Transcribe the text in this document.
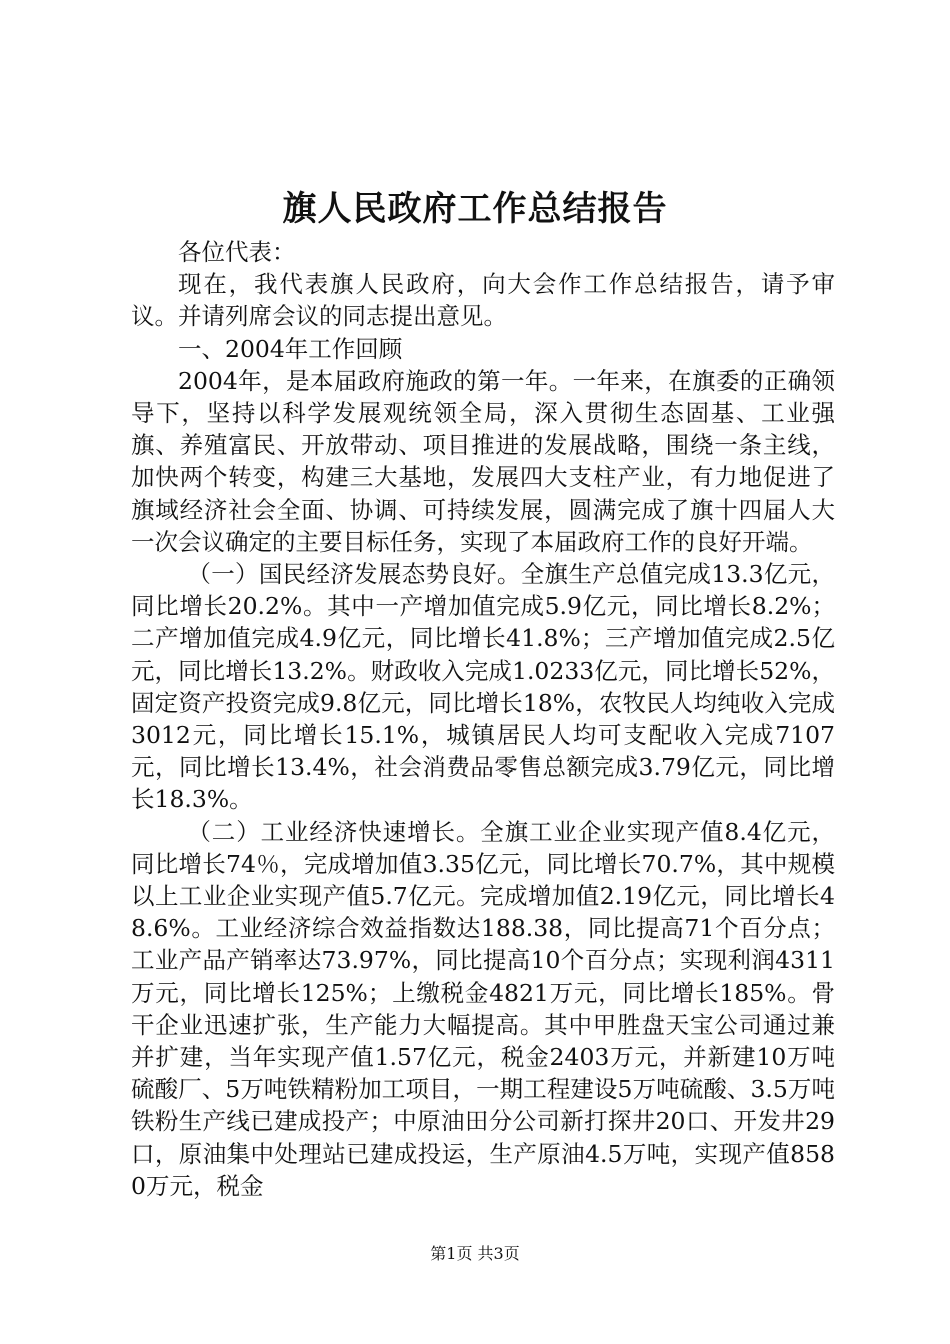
旗人民政府工作总结报告

各位代表：

现在，我代表旗人民政府，向大会作工作总结报告，请予审议。并请列席会议的同志提出意见。

一、2004年工作回顾

2004年，是本届政府施政的第一年。一年来，在旗委的正确领导下，坚持以科学发展观统领全局，深入贯彻生态固基、工业强旗、养殖富民、开放带动、项目推进的发展战略，围绕一条主线，加快两个转变，构建三大基地，发展四大支柱产业，有力地促进了旗域经济社会全面、协调、可持续发展，圆满完成了旗十四届人大一次会议确定的主要目标任务，实现了本届政府工作的良好开端。

（一）国民经济发展态势良好。全旗生产总值完成13.3亿元，同比增长20.2%。其中一产增加值完成5.9亿元，同比增长8.2%；二产增加值完成4.9亿元，同比增长41.8%；三产增加值完成2.5亿元，同比增长13.2%。财政收入完成1.0233亿元，同比增长52%，固定资产投资完成9.8亿元，同比增长18%，农牧民人均纯收入完成3012元，同比增长15.1%，城镇居民人均可支配收入完成7107元，同比增长13.4%，社会消费品零售总额完成3.79亿元，同比增长18.3%。

（二）工业经济快速增长。全旗工业企业实现产值8.4亿元，同比增长74％，完成增加值3.35亿元，同比增长70.7%，其中规模以上工业企业实现产值5.7亿元。完成增加值2.19亿元，同比增长48.6%。工业经济综合效益指数达188.38，同比提高71个百分点；工业产品产销率达73.97%，同比提高10个百分点；实现利润4311万元，同比增长125%；上缴税金4821万元，同比增长185%。骨干企业迅速扩张，生产能力大幅提高。其中甲胜盘天宝公司通过兼并扩建，当年实现产值1.57亿元，税金2403万元，并新建10万吨硫酸厂、5万吨铁精粉加工项目，一期工程建设5万吨硫酸、3.5万吨铁粉生产线已建成投产；中原油田分公司新打探井20口、开发井29口，原油集中处理站已建成投运，生产原油4.5万吨，实现产值8580万元，税金

第1页 共3页
